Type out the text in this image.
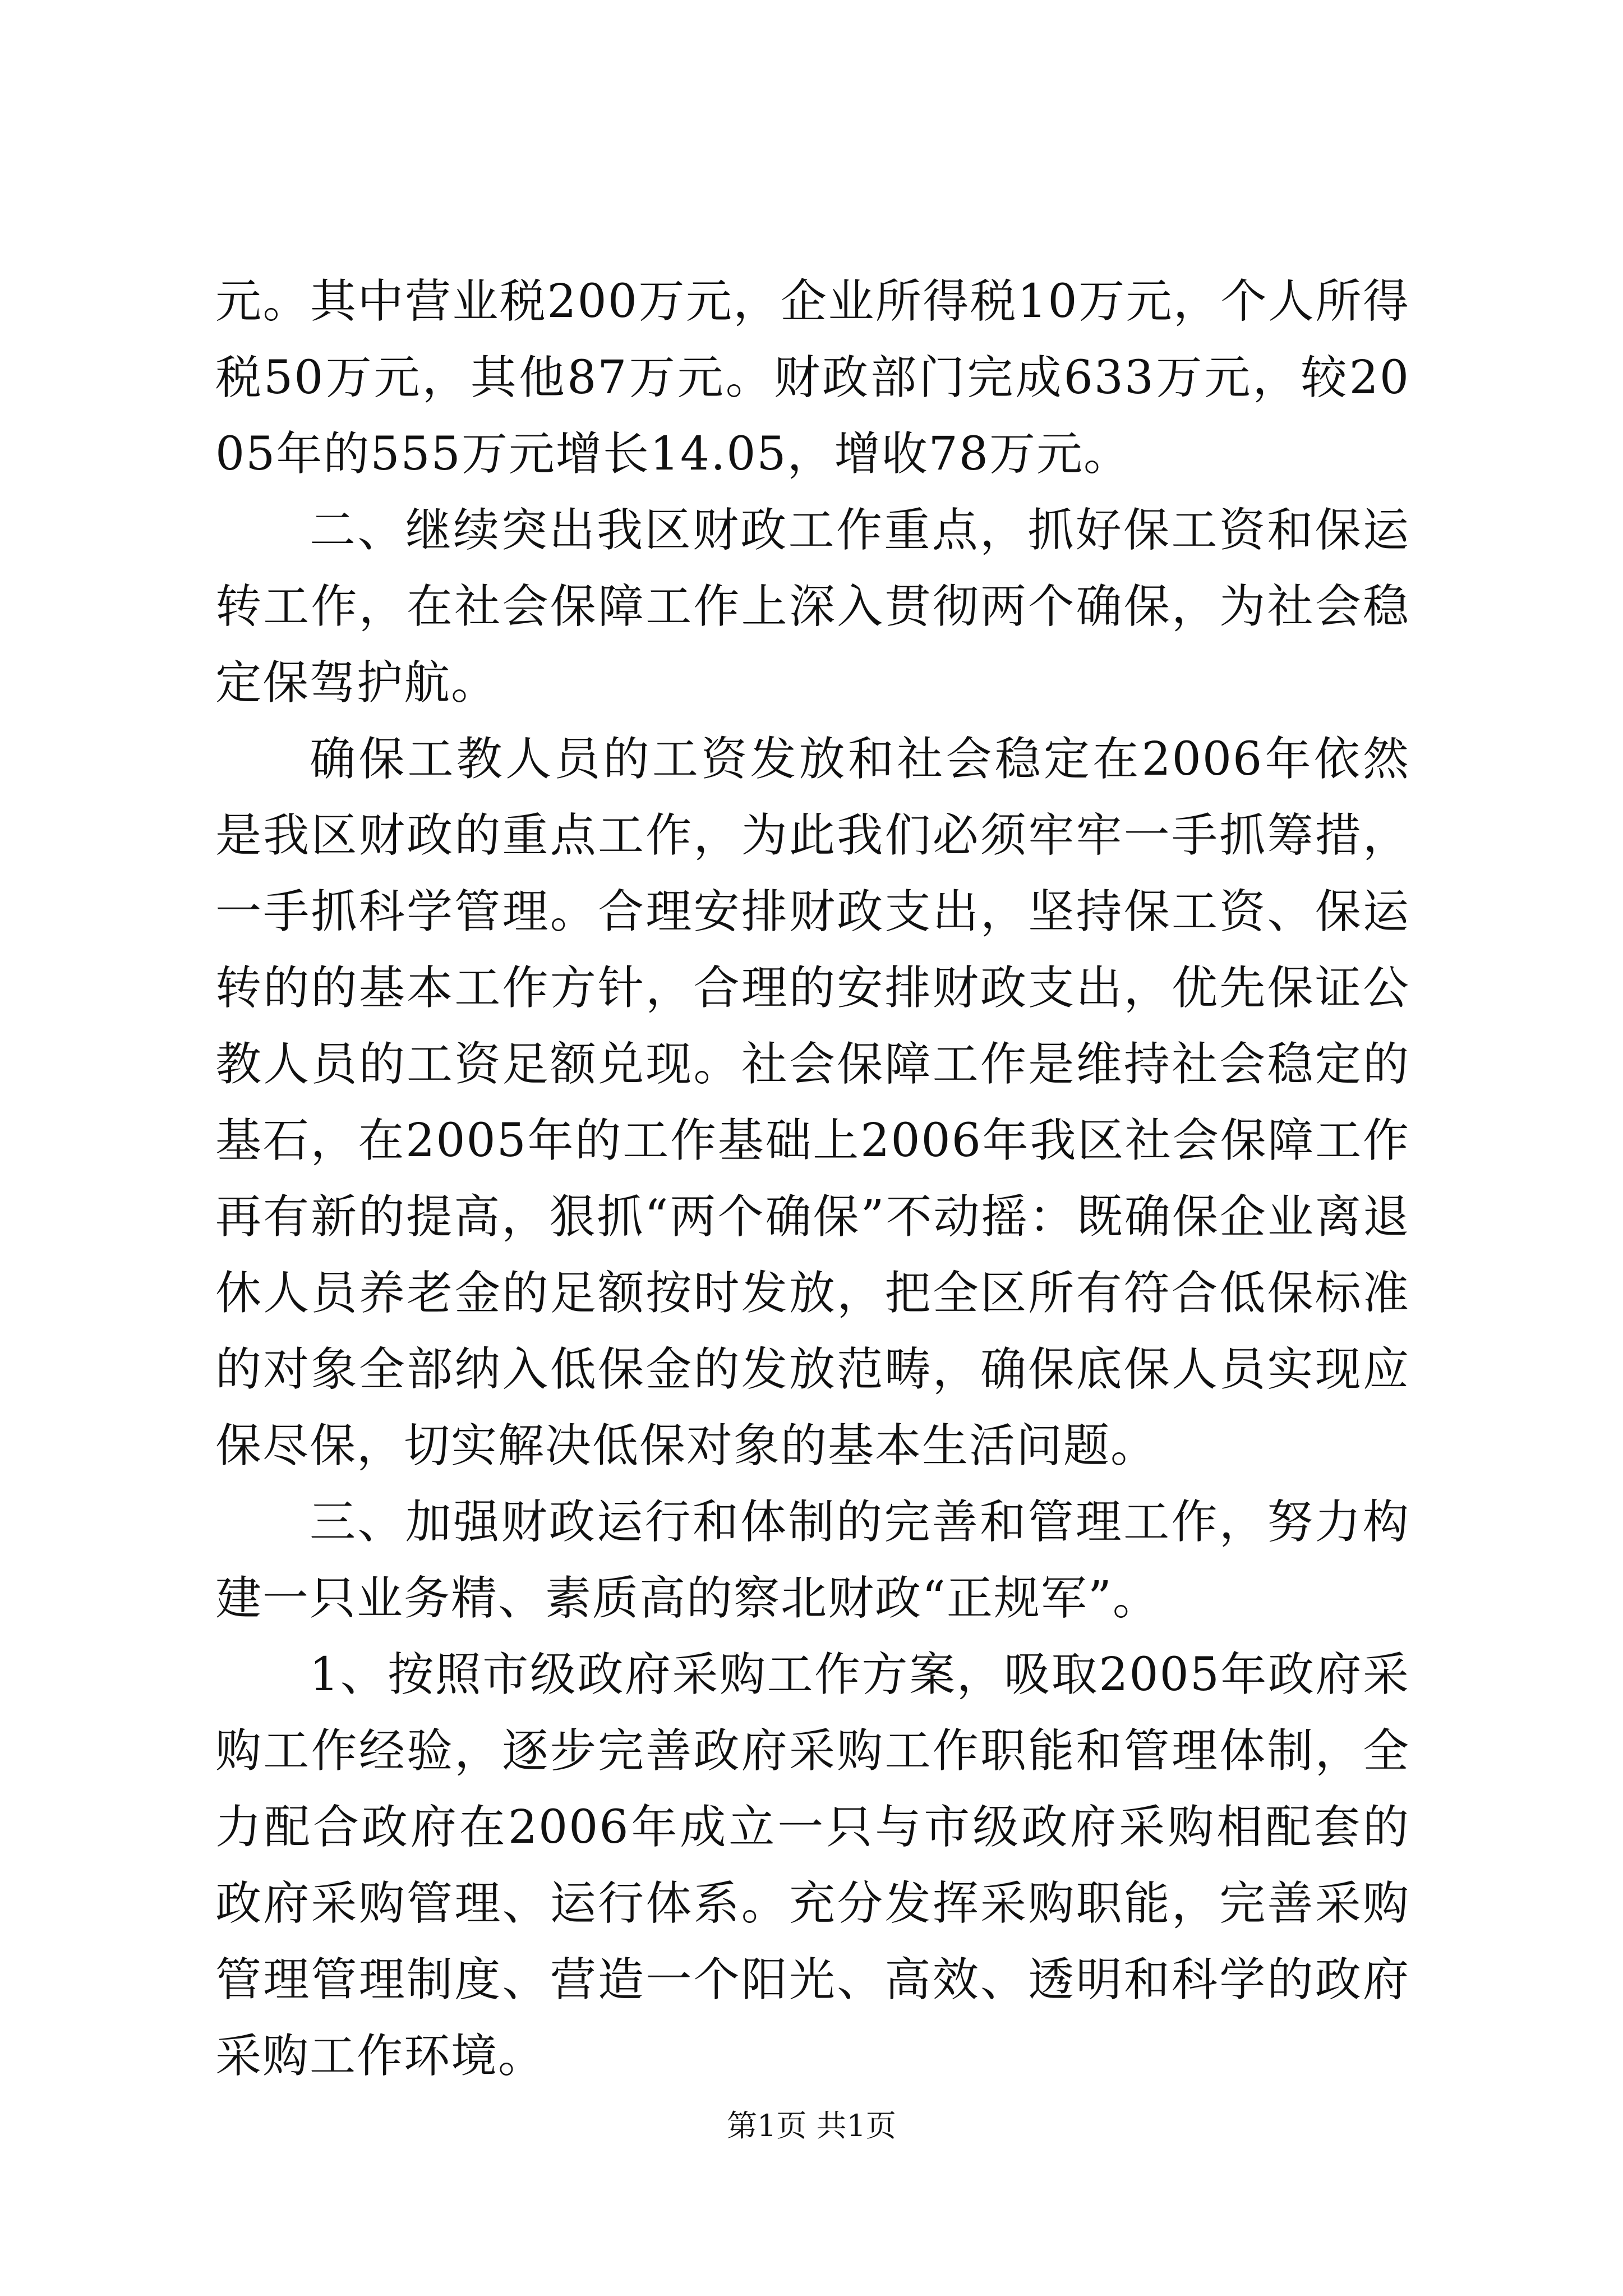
元。其中营业税200万元，企业所得税10万元，个人所得税50万元，其他87万元。财政部门完成633万元，较2005年的555万元增长14.05，增收78万元。

二、继续突出我区财政工作重点，抓好保工资和保运转工作，在社会保障工作上深入贯彻两个确保，为社会稳定保驾护航。

确保工教人员的工资发放和社会稳定在2006年依然是我区财政的重点工作，为此我们必须牢牢一手抓筹措，一手抓科学管理。合理安排财政支出，坚持保工资、保运转的的基本工作方针，合理的安排财政支出，优先保证公教人员的工资足额兑现。社会保障工作是维持社会稳定的基石，在2005年的工作基础上2006年我区社会保障工作再有新的提高，狠抓“两个确保”不动摇：既确保企业离退休人员养老金的足额按时发放，把全区所有符合低保标准的对象全部纳入低保金的发放范畴，确保底保人员实现应保尽保，切实解决低保对象的基本生活问题。

三、加强财政运行和体制的完善和管理工作，努力构建一只业务精、素质高的察北财政“正规军”。

1、按照市级政府采购工作方案，吸取2005年政府采购工作经验，逐步完善政府采购工作职能和管理体制，全力配合政府在2006年成立一只与市级政府采购相配套的政府采购管理、运行体系。充分发挥采购职能，完善采购管理管理制度、营造一个阳光、高效、透明和科学的政府采购工作环境。

第1页 共1页
